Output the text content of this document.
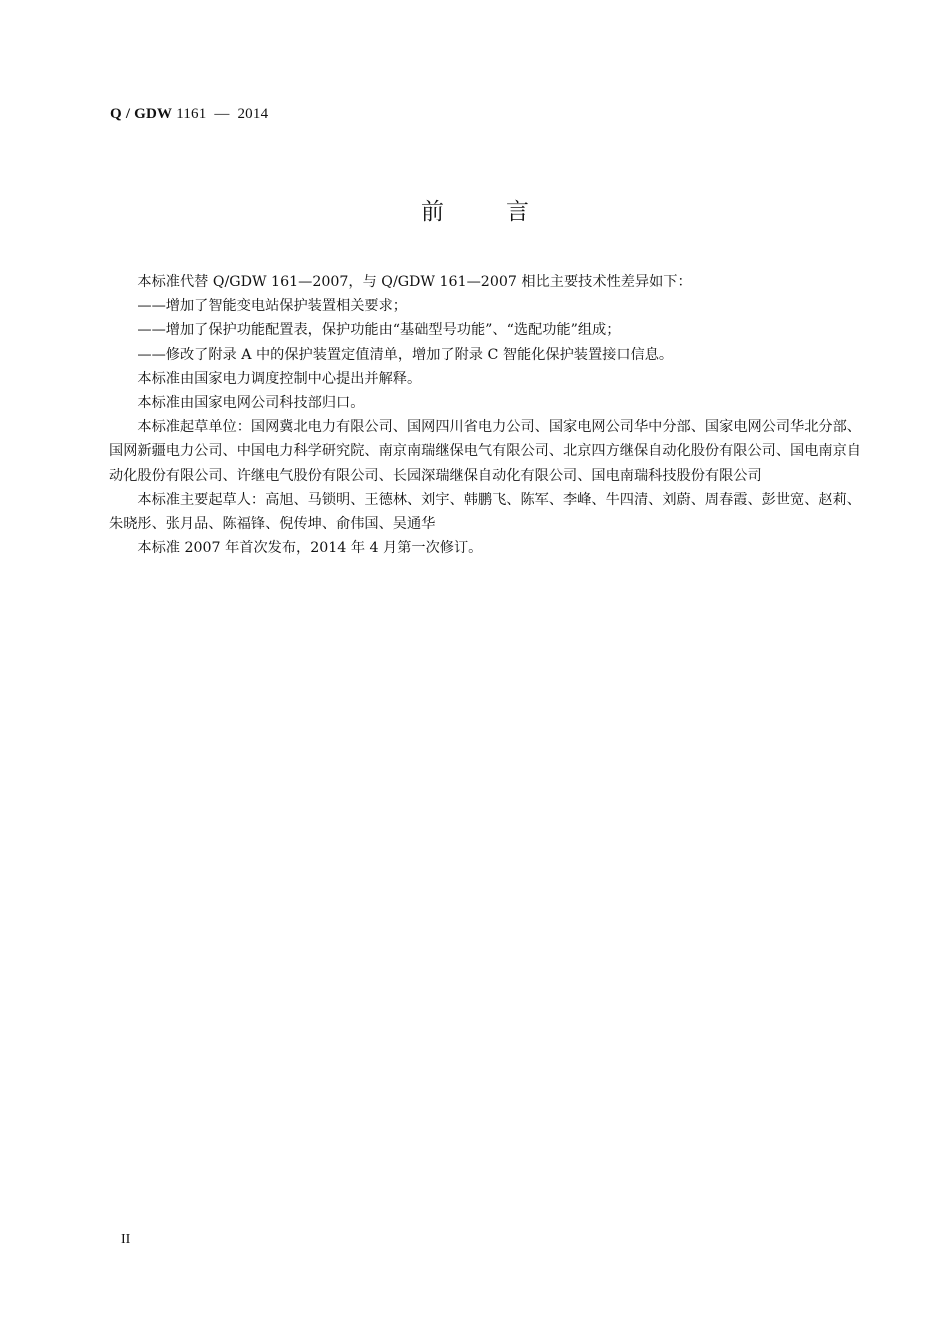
Q / GDW 1161 — 2014
前	言

本标准代替 Q/GDW 161—2007，与 Q/GDW 161—2007 相比主要技术性差异如下：

——增加了智能变电站保护装置相关要求；

——增加了保护功能配置表，保护功能由“基础型号功能”、“选配功能”组成；

——修改了附录 A 中的保护装置定值清单，增加了附录 C 智能化保护装置接口信息。

本标准由国家电力调度控制中心提出并解释。

本标准由国家电网公司科技部归口。

本标准起草单位：国网冀北电力有限公司、国网四川省电力公司、国家电网公司华中分部、国家电网公司华北分部、国网新疆电力公司、中国电力科学研究院、南京南瑞继保电气有限公司、北京四方继保自动化股份有限公司、国电南京自动化股份有限公司、许继电气股份有限公司、长园深瑞继保自动化有限公司、国电南瑞科技股份有限公司

本标准主要起草人：高旭、马锁明、王德林、刘宇、韩鹏飞、陈军、李峰、牛四清、刘蔚、周春霞、彭世宽、赵莉、朱晓彤、张月品、陈福锋、倪传坤、俞伟国、吴通华

本标准 2007 年首次发布，2014 年 4 月第一次修订。

II
